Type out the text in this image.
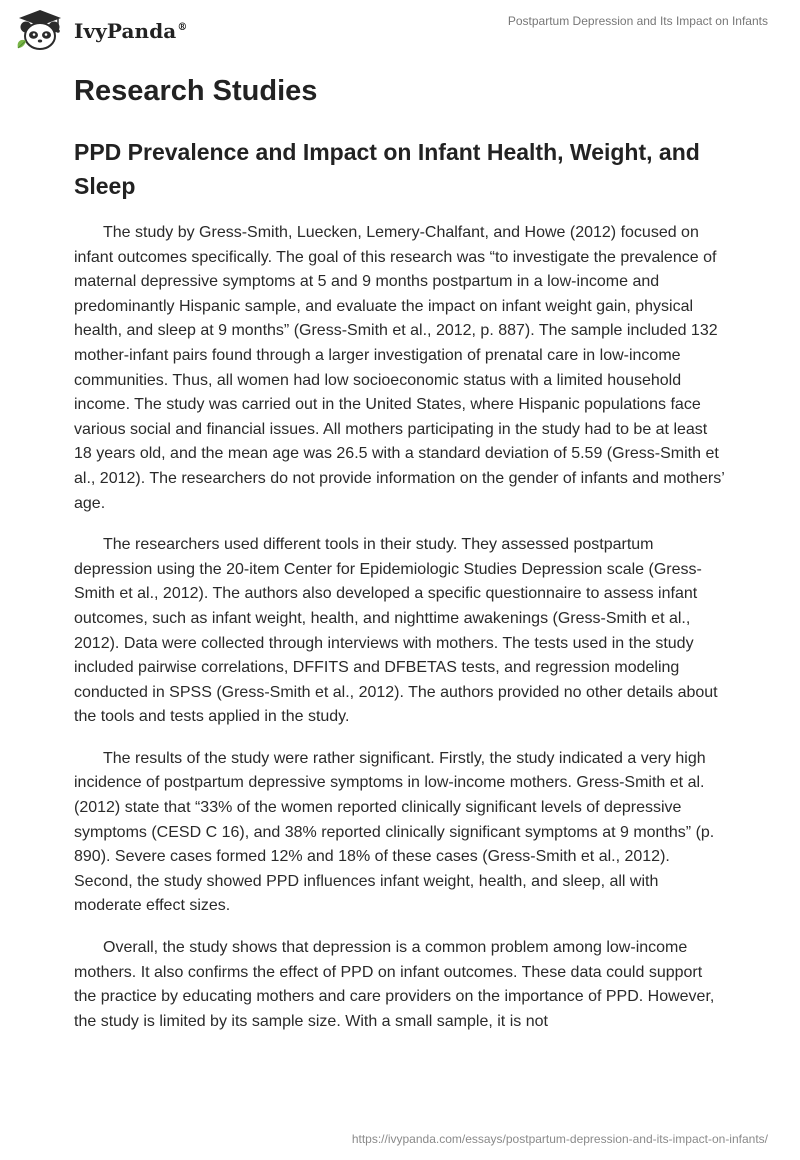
IvyPanda®	Postpartum Depression and Its Impact on Infants
Research Studies
PPD Prevalence and Impact on Infant Health, Weight, and Sleep

The study by Gress-Smith, Luecken, Lemery-Chalfant, and Howe (2012) focused on infant outcomes specifically. The goal of this research was “to investigate the prevalence of maternal depressive symptoms at 5 and 9 months postpartum in a low-income and predominantly Hispanic sample, and evaluate the impact on infant weight gain, physical health, and sleep at 9 months” (Gress-Smith et al., 2012, p. 887). The sample included 132 mother-infant pairs found through a larger investigation of prenatal care in low-income communities. Thus, all women had low socioeconomic status with a limited household income. The study was carried out in the United States, where Hispanic populations face various social and financial issues. All mothers participating in the study had to be at least 18 years old, and the mean age was 26.5 with a standard deviation of 5.59 (Gress-Smith et al., 2012). The researchers do not provide information on the gender of infants and mothers’ age.

The researchers used different tools in their study. They assessed postpartum depression using the 20-item Center for Epidemiologic Studies Depression scale (Gress-Smith et al., 2012). The authors also developed a specific questionnaire to assess infant outcomes, such as infant weight, health, and nighttime awakenings (Gress-Smith et al., 2012). Data were collected through interviews with mothers. The tests used in the study included pairwise correlations, DFFITS and DFBETAS tests, and regression modeling conducted in SPSS (Gress-Smith et al., 2012). The authors provided no other details about the tools and tests applied in the study.

The results of the study were rather significant. Firstly, the study indicated a very high incidence of postpartum depressive symptoms in low-income mothers. Gress-Smith et al. (2012) state that “33% of the women reported clinically significant levels of depressive symptoms (CESD C 16), and 38% reported clinically significant symptoms at 9 months” (p. 890). Severe cases formed 12% and 18% of these cases (Gress-Smith et al., 2012). Second, the study showed PPD influences infant weight, health, and sleep, all with moderate effect sizes.

Overall, the study shows that depression is a common problem among low-income mothers. It also confirms the effect of PPD on infant outcomes. These data could support the practice by educating mothers and care providers on the importance of PPD. However, the study is limited by its sample size. With a small sample, it is not

https://ivypanda.com/essays/postpartum-depression-and-its-impact-on-infants/
